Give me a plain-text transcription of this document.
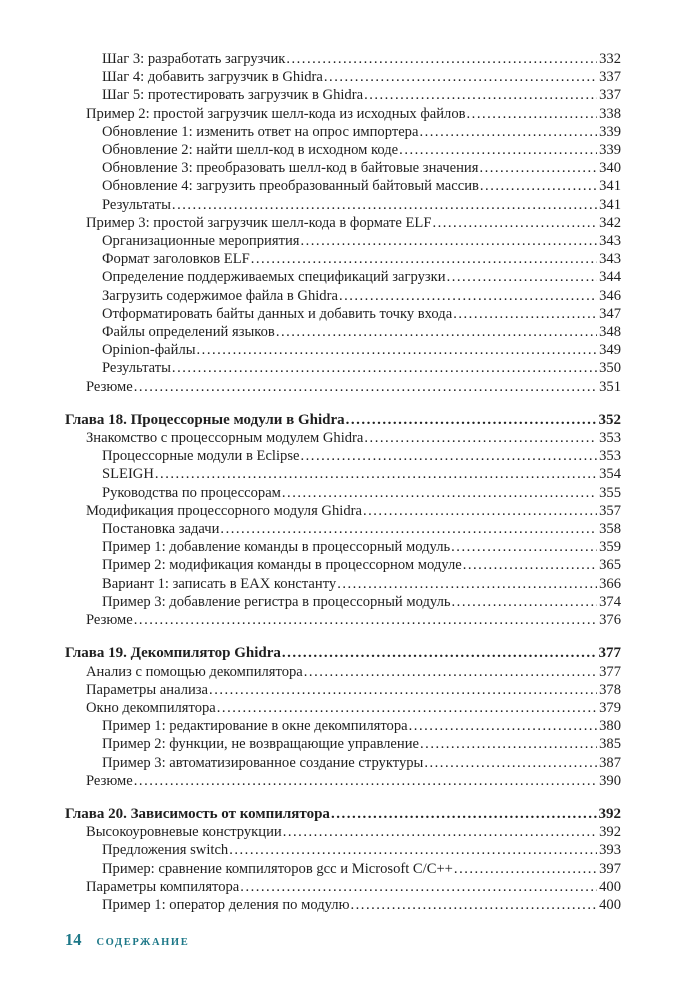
Шаг 3: разработать загрузчик .....	332
Шаг 4: добавить загрузчик в Ghidra .....	337
Шаг 5: протестировать загрузчик в Ghidra .....	337
Пример 2: простой загрузчик шелл-кода из исходных файлов .....	338
Обновление 1: изменить ответ на опрос импортера .....	339
Обновление 2: найти шелл-код в исходном коде .....	339
Обновление 3: преобразовать шелл-код в байтовые значения .....	340
Обновление 4: загрузить преобразованный байтовый массив .....	341
Результаты .....	341
Пример 3: простой загрузчик шелл-кода в формате ELF .....	342
Организационные мероприятия .....	343
Формат заголовков ELF .....	343
Определение поддерживаемых спецификаций загрузки .....	344
Загрузить содержимое файла в Ghidra .....	346
Отформатировать байты данных и добавить точку входа .....	347
Файлы определений языков .....	348
Opinion-файлы .....	349
Результаты .....	350
Резюме .....	351
Глава 18. Процессорные модули в Ghidra .....	352
Знакомство с процессорным модулем Ghidra .....	353
Процессорные модули в Eclipse .....	353
SLEIGH .....	354
Руководства по процессорам .....	355
Модификация процессорного модуля Ghidra .....	357
Постановка задачи .....	358
Пример 1: добавление команды в процессорный модуль .....	359
Пример 2: модификация команды в процессорном модуле .....	365
Вариант 1: записать в EAX константу .....	366
Пример 3: добавление регистра в процессорный модуль .....	374
Резюме .....	376
Глава 19. Декомпилятор Ghidra .....	377
Анализ с помощью декомпилятора .....	377
Параметры анализа .....	378
Окно декомпилятора .....	379
Пример 1: редактирование в окне декомпилятора .....	380
Пример 2: функции, не возвращающие управление .....	385
Пример 3: автоматизированное создание структуры .....	387
Резюме .....	390
Глава 20. Зависимость от компилятора .....	392
Высокоуровневые конструкции .....	392
Предложения switch .....	393
Пример: сравнение компиляторов gcc и Microsoft C/C++ .....	397
Параметры компилятора .....	400
Пример 1: оператор деления по модулю .....	400
14 СОДЕРЖАНИЕ
